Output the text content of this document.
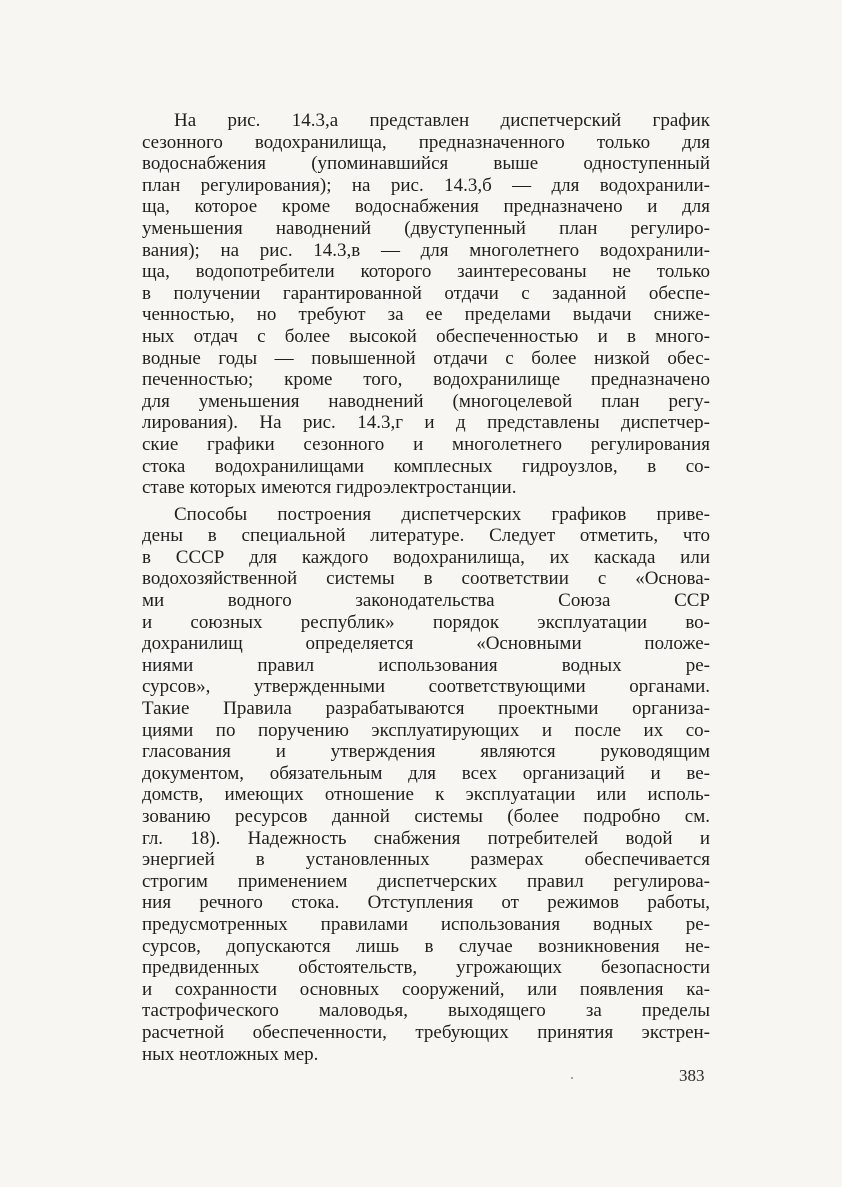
На рис. 14.3,а представлен диспетчерский график
сезонного водохранилища, предназначенного только для
водоснабжения (упоминавшийся выше одноступенный
план регулирования); на рис. 14.3,б — для водохранили-
ща, которое кроме водоснабжения предназначено и для
уменьшения наводнений (двуступенный план регулиро-
вания); на рис. 14.3,в — для многолетнего водохранили-
ща, водопотребители которого заинтересованы не только
в получении гарантированной отдачи с заданной обеспе-
ченностью, но требуют за ее пределами выдачи сниже-
ных отдач с более высокой обеспеченностью и в много-
водные годы — повышенной отдачи с более низкой обес-
печенностью; кроме того, водохранилище предназначено
для уменьшения наводнений (многоцелевой план регу-
лирования). На рис. 14.3,г и д представлены диспетчер-
ские графики сезонного и многолетнего регулирования
стока водохранилищами комплесных гидроузлов, в со-
ставе которых имеются гидроэлектростанции.
Способы построения диспетчерских графиков приве-
дены в специальной литературе. Следует отметить, что
в СССР для каждого водохранилища, их каскада или
водохозяйственной системы в соответствии с «Основа-
ми водного законодательства Союза ССР
и союзных республик» порядок эксплуатации во-
дохранилищ определяется «Основными положе-
ниями правил использования водных ре-
сурсов», утвержденными соответствующими органами.
Такие Правила разрабатываются проектными организа-
циями по поручению эксплуатирующих и после их со-
гласования и утверждения являются руководящим
документом, обязательным для всех организаций и ве-
домств, имеющих отношение к эксплуатации или исполь-
зованию ресурсов данной системы (более подробно см.
гл. 18). Надежность снабжения потребителей водой и
энергией в установленных размерах обеспечивается
строгим применением диспетчерских правил регулирова-
ния речного стока. Отступления от режимов работы,
предусмотренных правилами использования водных ре-
сурсов, допускаются лишь в случае возникновения не-
предвиденных обстоятельств, угрожающих безопасности
и сохранности основных сооружений, или появления ка-
тастрофического маловодья, выходящего за пределы
расчетной обеспеченности, требующих принятия экстрен-
ных неотложных мер.
383
